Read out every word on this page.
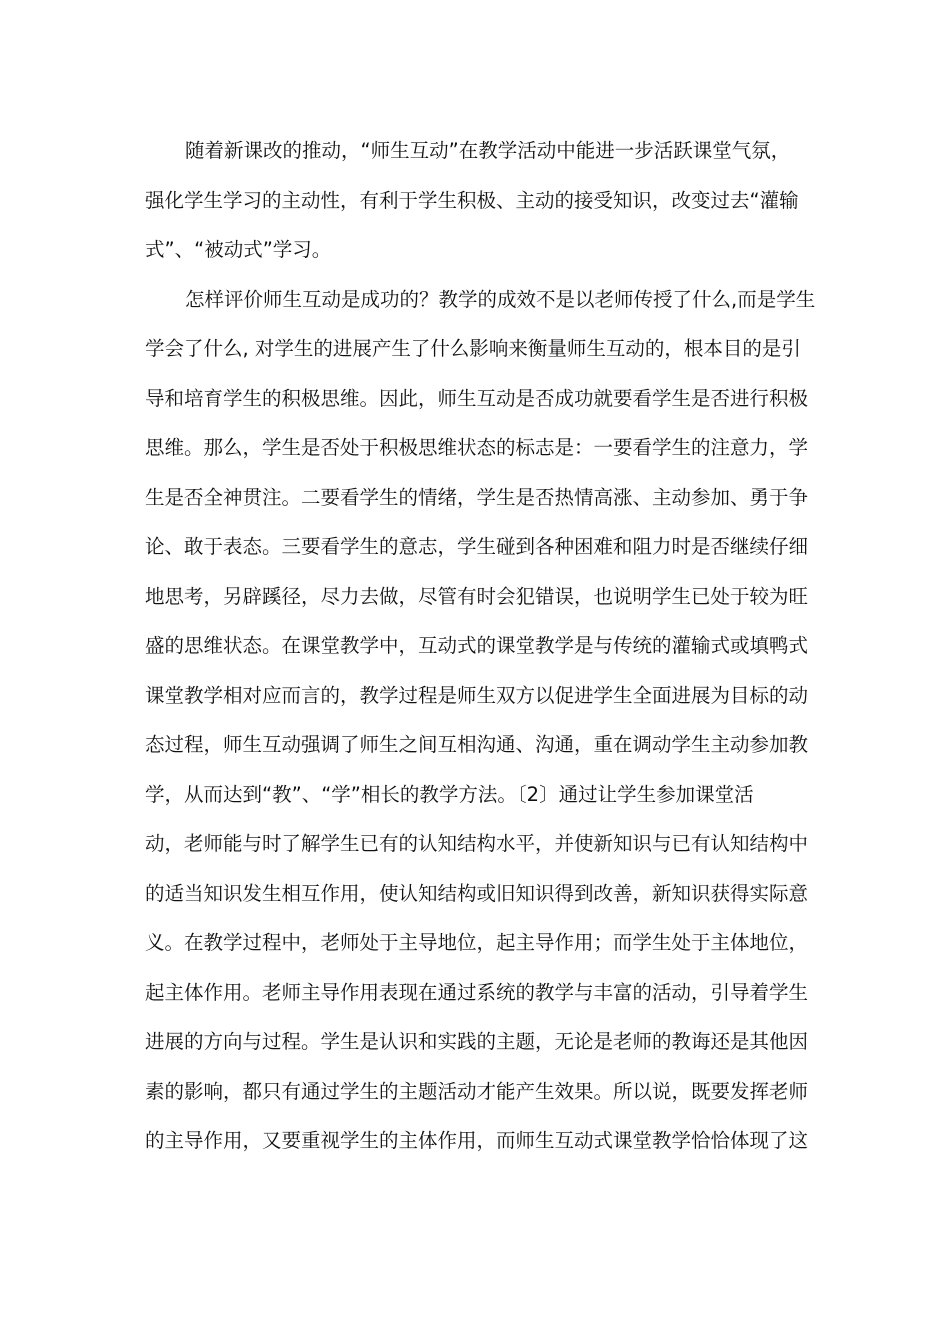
随着新课改的推动，“师生互动”在教学活动中能进一步活跃课堂气氛，
强化学生学习的主动性，有利于学生积极、主动的接受知识，改变过去“灌输
式”、“被动式”学习。
怎样评价师生互动是成功的？教学的成效不是以老师传授了什么,而是学生
学会了什么, 对学生的进展产生了什么影响来衡量师生互动的，根本目的是引
导和培育学生的积极思维。因此，师生互动是否成功就要看学生是否进行积极
思维。那么，学生是否处于积极思维状态的标志是：一要看学生的注意力，学
生是否全神贯注。二要看学生的情绪，学生是否热情高涨、主动参加、勇于争
论、敢于表态。三要看学生的意志，学生碰到各种困难和阻力时是否继续仔细
地思考，另辟蹊径，尽力去做，尽管有时会犯错误，也说明学生已处于较为旺
盛的思维状态。在课堂教学中，互动式的课堂教学是与传统的灌输式或填鸭式
课堂教学相对应而言的，教学过程是师生双方以促进学生全面进展为目标的动
态过程，师生互动强调了师生之间互相沟通、沟通，重在调动学生主动参加教
学，从而达到“教”、“学”相长的教学方法。〔2〕通过让学生参加课堂活
动，老师能与时了解学生已有的认知结构水平，并使新知识与已有认知结构中
的适当知识发生相互作用，使认知结构或旧知识得到改善，新知识获得实际意
义。在教学过程中，老师处于主导地位，起主导作用；而学生处于主体地位，
起主体作用。老师主导作用表现在通过系统的教学与丰富的活动，引导着学生
进展的方向与过程。学生是认识和实践的主题，无论是老师的教诲还是其他因
素的影响，都只有通过学生的主题活动才能产生效果。所以说，既要发挥老师
的主导作用，又要重视学生的主体作用，而师生互动式课堂教学恰恰体现了这
